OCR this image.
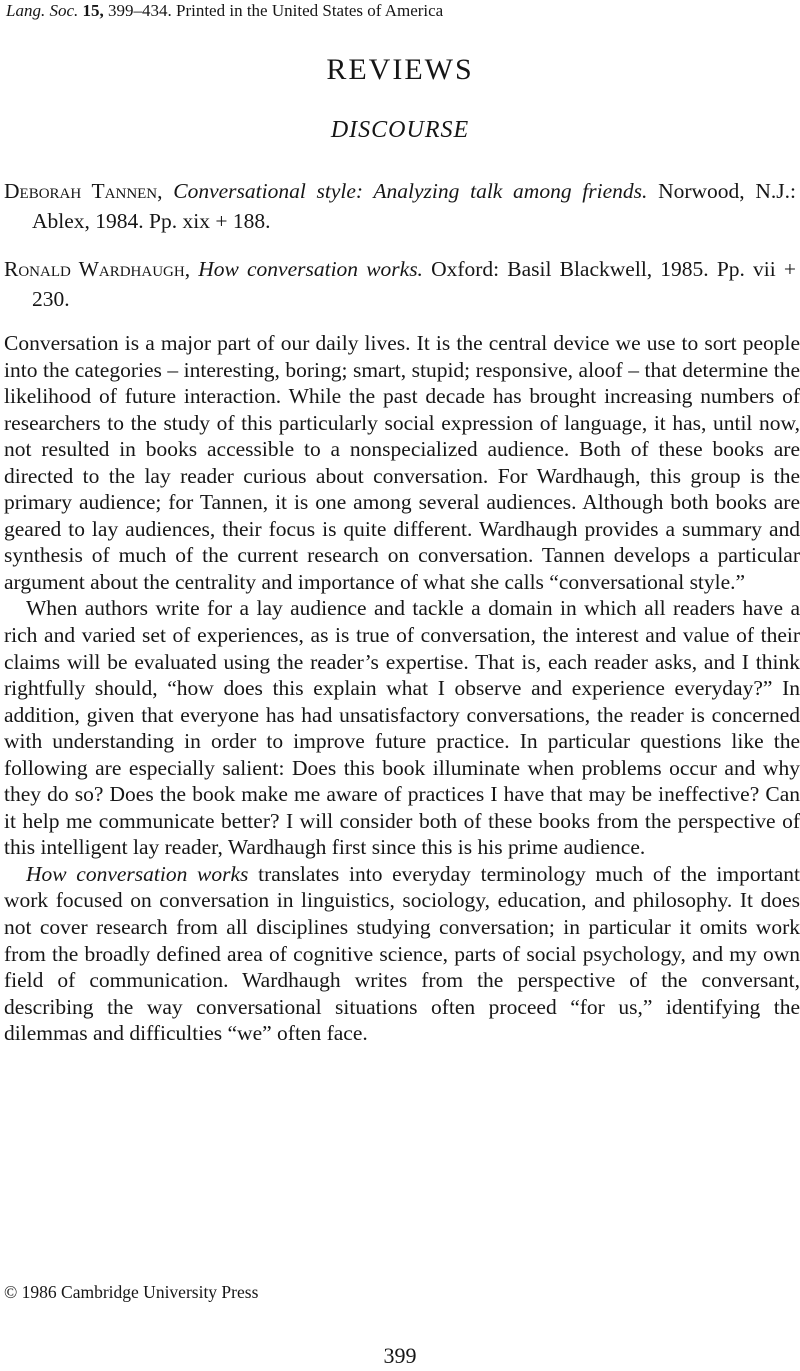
Lang. Soc. 15, 399–434. Printed in the United States of America
REVIEWS
DISCOURSE
Deborah Tannen, Conversational style: Analyzing talk among friends. Norwood, N.J.: Ablex, 1984. Pp. xix + 188.
Ronald Wardhaugh, How conversation works. Oxford: Basil Blackwell, 1985. Pp. vii + 230.

Conversation is a major part of our daily lives. It is the central device we use to sort people into the categories – interesting, boring; smart, stupid; responsive, aloof – that determine the likelihood of future interaction. While the past decade has brought increasing numbers of researchers to the study of this particularly social expression of language, it has, until now, not resulted in books accessible to a nonspecialized audience. Both of these books are directed to the lay reader curious about conversation. For Wardhaugh, this group is the primary audience; for Tannen, it is one among several audiences. Although both books are geared to lay audiences, their focus is quite different. Wardhaugh provides a summary and synthesis of much of the current research on conversation. Tannen develops a particular argument about the centrality and importance of what she calls “conversational style.”

When authors write for a lay audience and tackle a domain in which all readers have a rich and varied set of experiences, as is true of conversation, the interest and value of their claims will be evaluated using the reader’s expertise. That is, each reader asks, and I think rightfully should, “how does this explain what I observe and experience everyday?” In addition, given that everyone has had unsatisfactory conversations, the reader is concerned with understanding in order to improve future practice. In particular questions like the following are especially salient: Does this book illuminate when problems occur and why they do so? Does the book make me aware of practices I have that may be ineffective? Can it help me communicate better? I will consider both of these books from the perspective of this intelligent lay reader, Wardhaugh first since this is his prime audience.

How conversation works translates into everyday terminology much of the important work focused on conversation in linguistics, sociology, education, and philosophy. It does not cover research from all disciplines studying conversation; in particular it omits work from the broadly defined area of cognitive science, parts of social psychology, and my own field of communication. Wardhaugh writes from the perspective of the conversant, describing the way conversational situations often proceed “for us,” identifying the dilemmas and difficulties “we” often face.

© 1986 Cambridge University Press
399
